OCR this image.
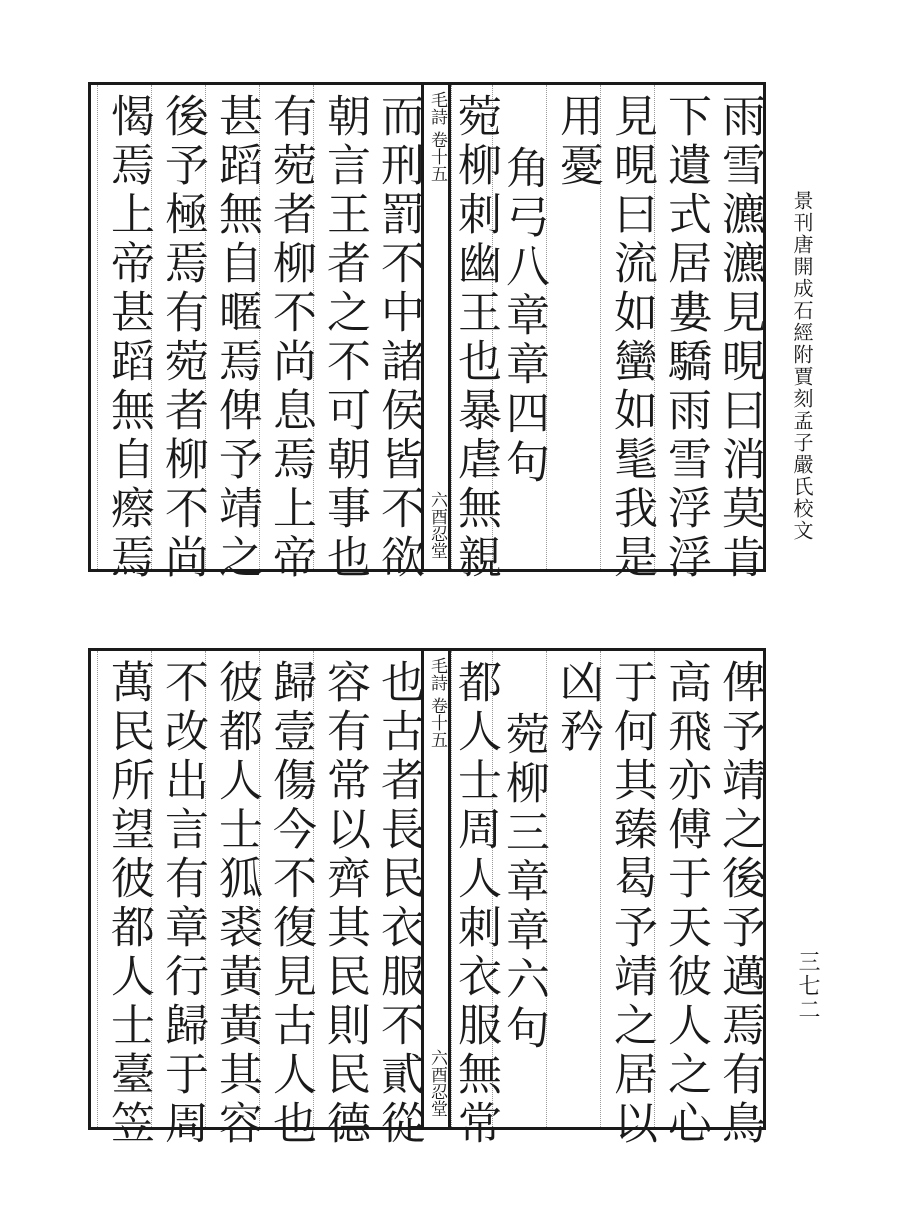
景刊唐開成石經附賈刻孟子嚴氏校文
三七二
雨雪瀌瀌見晛曰消莫肯
下遺式居婁驕雨雪浮浮
見晛曰流如蠻如髦我是
用憂
角弓八章章四句
菀柳刺幽王也暴虐無親
毛詩
卷十五
六酉忍堂
而刑罰不中諸侯皆不欲
朝言王者之不可朝事也
有菀者柳不尚息焉上帝
甚蹈無自暱焉俾予靖之
後予極焉有菀者柳不尚
愒焉上帝甚蹈無自瘵焉
俾予靖之後予邁焉有鳥
高飛亦傅于天彼人之心
于何其臻曷予靖之居以
凶矜
菀柳三章章六句
都人士周人刺衣服無常
毛詩
卷十五
六酉忍堂
也古者長民衣服不貳從
容有常以齊其民則民德
歸壹傷今不復見古人也
彼都人士狐裘黃黃其容
不改出言有章行歸于周
萬民所望彼都人士臺笠
